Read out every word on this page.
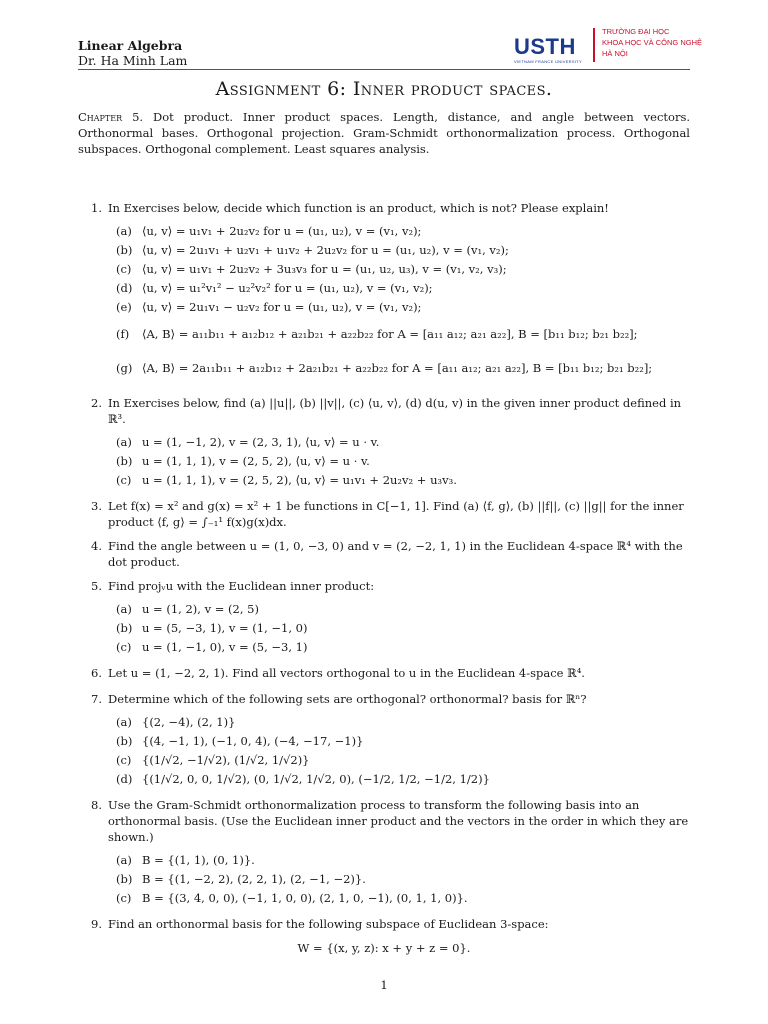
Linear Algebra
Dr. Ha Minh Lam
USTH
VIETNAM FRANCE UNIVERSITY
TRƯỜNG ĐẠI HỌC
KHOA HỌC VÀ CÔNG NGHỆ
HÀ NỘI
Assignment 6: Inner product spaces.
Chapter 5. Dot product. Inner product spaces. Length, distance, and angle between vectors. Orthonormal bases. Orthogonal projection. Gram-Schmidt orthonormalization process. Orthogonal subspaces. Orthogonal complement. Least squares analysis.
1. In Exercises below, decide which function is an product, which is not? Please explain!
(a) ⟨u, v⟩ = u₁v₁ + 2u₂v₂ for u = (u₁, u₂), v = (v₁, v₂);
(b) ⟨u, v⟩ = 2u₁v₁ + u₂v₁ + u₁v₂ + 2u₂v₂ for u = (u₁, u₂), v = (v₁, v₂);
(c) ⟨u, v⟩ = u₁v₁ + 2u₂v₂ + 3u₃v₃ for u = (u₁, u₂, u₃), v = (v₁, v₂, v₃);
(d) ⟨u, v⟩ = u₁²v₁² − u₂²v₂² for u = (u₁, u₂), v = (v₁, v₂);
(e) ⟨u, v⟩ = 2u₁v₁ − u₂v₂ for u = (u₁, u₂), v = (v₁, v₂);
(f) ⟨A, B⟩ = a₁₁b₁₁ + a₁₂b₁₂ + a₂₁b₂₁ + a₂₂b₂₂ for A = [a₁₁ a₁₂; a₂₁ a₂₂], B = [b₁₁ b₁₂; b₂₁ b₂₂];
(g) ⟨A, B⟩ = 2a₁₁b₁₁ + a₁₂b₁₂ + 2a₂₁b₂₁ + a₂₂b₂₂ for A = [a₁₁ a₁₂; a₂₁ a₂₂], B = [b₁₁ b₁₂; b₂₁ b₂₂];
2. In Exercises below, find (a) ||u||, (b) ||v||, (c) ⟨u, v⟩, (d) d(u, v) in the given inner product defined in ℝ³.
(a) u = (1, −1, 2), v = (2, 3, 1), ⟨u, v⟩ = u · v.
(b) u = (1, 1, 1), v = (2, 5, 2), ⟨u, v⟩ = u · v.
(c) u = (1, 1, 1), v = (2, 5, 2), ⟨u, v⟩ = u₁v₁ + 2u₂v₂ + u₃v₃.
3. Let f(x) = x² and g(x) = x² + 1 be functions in C[−1, 1]. Find (a) ⟨f, g⟩, (b) ||f||, (c) ||g|| for the inner product ⟨f, g⟩ = ∫₋₁¹ f(x)g(x)dx.
4. Find the angle between u = (1, 0, −3, 0) and v = (2, −2, 1, 1) in the Euclidean 4-space ℝ⁴ with the dot product.
5. Find projᵥu with the Euclidean inner product:
(a) u = (1, 2), v = (2, 5)
(b) u = (5, −3, 1), v = (1, −1, 0)
(c) u = (1, −1, 0), v = (5, −3, 1)
6. Let u = (1, −2, 2, 1). Find all vectors orthogonal to u in the Euclidean 4-space ℝ⁴.
7. Determine which of the following sets are orthogonal? orthonormal? basis for ℝⁿ?
(a) {(2, −4), (2, 1)}
(b) {(4, −1, 1), (−1, 0, 4), (−4, −17, −1)}
(c) {(1/√2, −1/√2), (1/√2, 1/√2)}
(d) {(1/√2, 0, 0, 1/√2), (0, 1/√2, 1/√2, 0), (−1/2, 1/2, −1/2, 1/2)}
8. Use the Gram-Schmidt orthonormalization process to transform the following basis into an orthonormal basis. (Use the Euclidean inner product and the vectors in the order in which they are shown.)
(a) B = {(1, 1), (0, 1)}.
(b) B = {(1, −2, 2), (2, 2, 1), (2, −1, −2)}.
(c) B = {(3, 4, 0, 0), (−1, 1, 0, 0), (2, 1, 0, −1), (0, 1, 1, 0)}.
9. Find an orthonormal basis for the following subspace of Euclidean 3-space:
W = {(x, y, z): x + y + z = 0}.
1
